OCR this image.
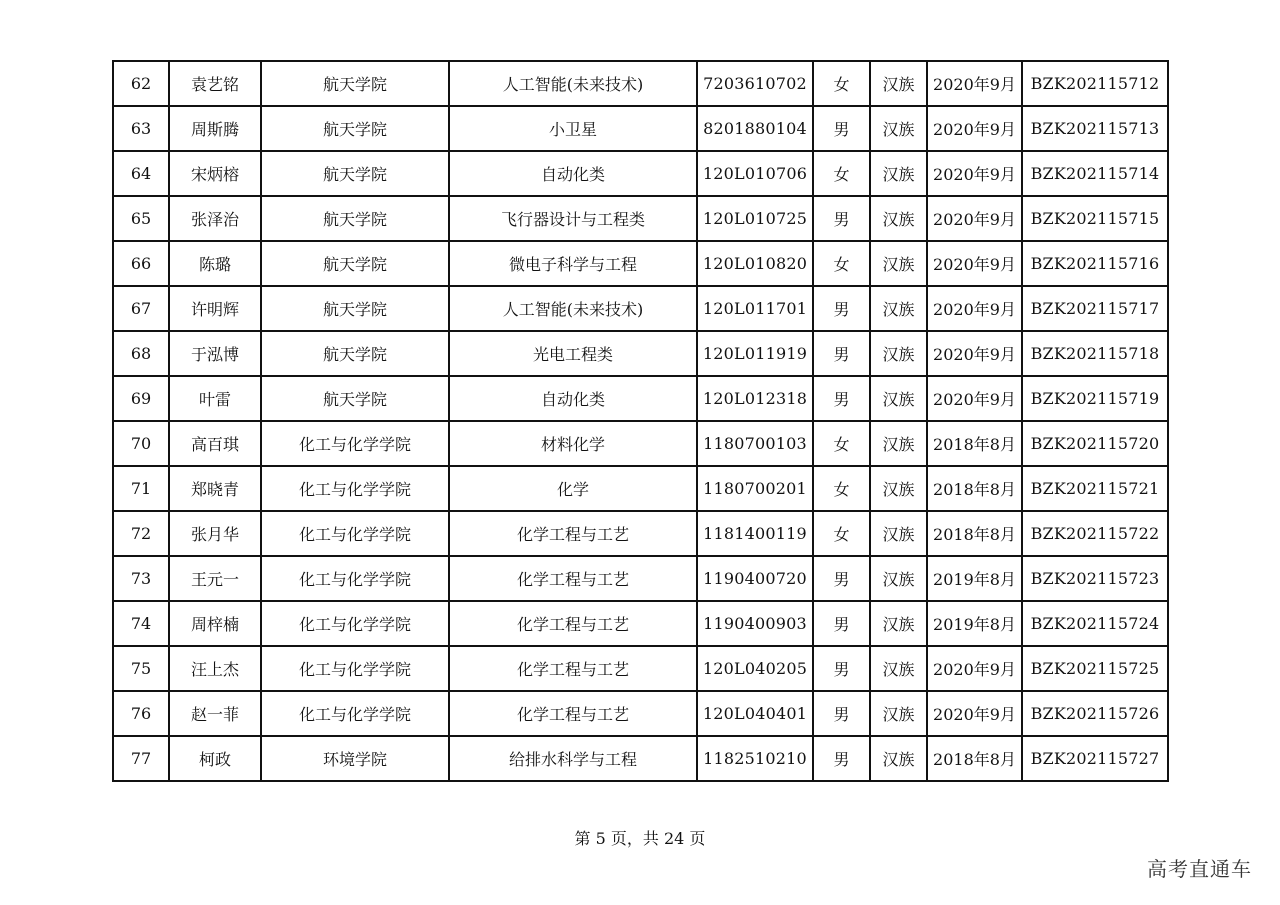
62	袁艺铭	航天学院	人工智能(未来技术)	7203610702	女	汉族	2020年9月	BZK202115712
63	周斯腾	航天学院	小卫星	8201880104	男	汉族	2020年9月	BZK202115713
64	宋炳榕	航天学院	自动化类	120L010706	女	汉族	2020年9月	BZK202115714
65	张泽治	航天学院	飞行器设计与工程类	120L010725	男	汉族	2020年9月	BZK202115715
66	陈璐	航天学院	微电子科学与工程	120L010820	女	汉族	2020年9月	BZK202115716
67	许明辉	航天学院	人工智能(未来技术)	120L011701	男	汉族	2020年9月	BZK202115717
68	于泓博	航天学院	光电工程类	120L011919	男	汉族	2020年9月	BZK202115718
69	叶雷	航天学院	自动化类	120L012318	男	汉族	2020年9月	BZK202115719
70	高百琪	化工与化学学院	材料化学	1180700103	女	汉族	2018年8月	BZK202115720
71	郑晓青	化工与化学学院	化学	1180700201	女	汉族	2018年8月	BZK202115721
72	张月华	化工与化学学院	化学工程与工艺	1181400119	女	汉族	2018年8月	BZK202115722
73	王元一	化工与化学学院	化学工程与工艺	1190400720	男	汉族	2019年8月	BZK202115723
74	周梓楠	化工与化学学院	化学工程与工艺	1190400903	男	汉族	2019年8月	BZK202115724
75	汪上杰	化工与化学学院	化学工程与工艺	120L040205	男	汉族	2020年9月	BZK202115725
76	赵一菲	化工与化学学院	化学工程与工艺	120L040401	男	汉族	2020年9月	BZK202115726
77	柯政	环境学院	给排水科学与工程	1182510210	男	汉族	2018年8月	BZK202115727
第 5 页，共 24 页
高考直通车
